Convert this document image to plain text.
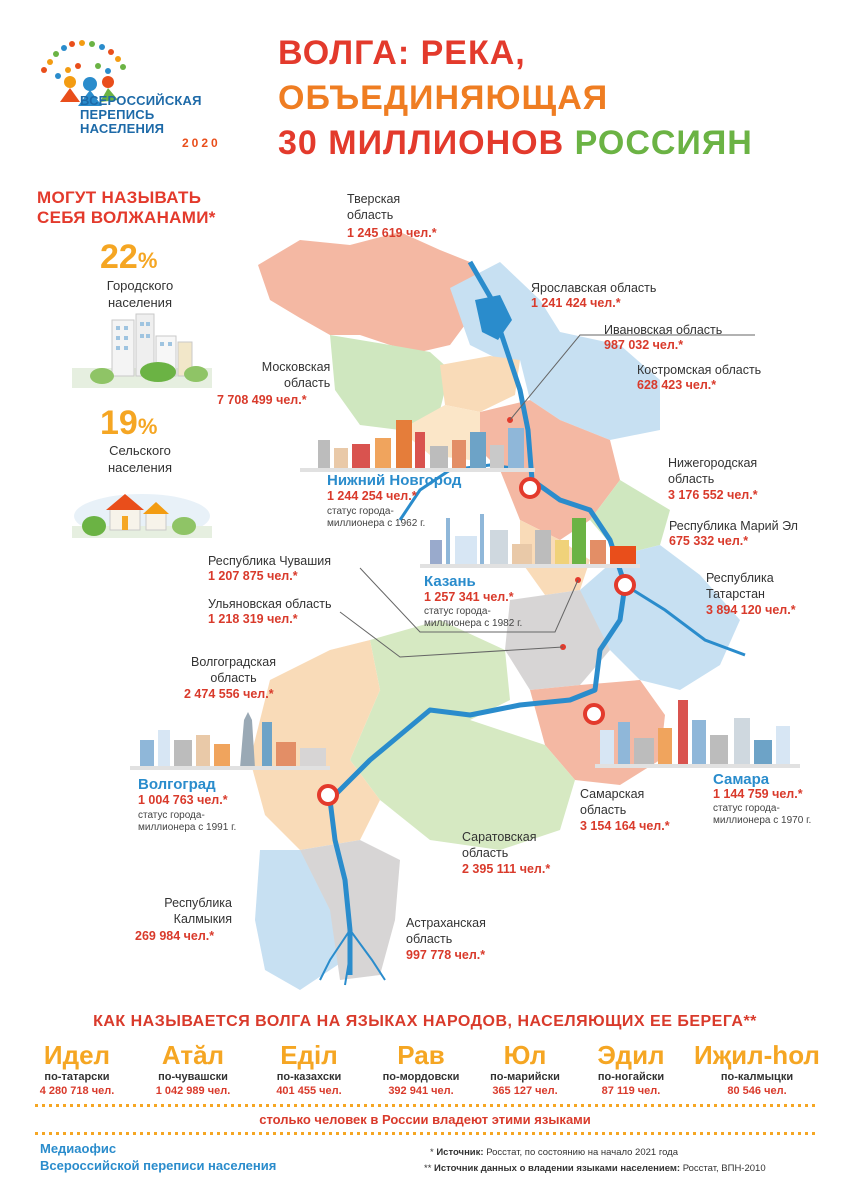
ВСЕРОССИЙСКАЯ
ПЕРЕПИСЬ
НАСЕЛЕНИЯ
2020
ВОЛГА: РЕКА,
ОБЪЕДИНЯЮЩАЯ
30 МИЛЛИОНОВ РОССИЯН
МОГУТ НАЗЫВАТЬ
СЕБЯ ВОЛЖАНАМИ*
22%
Городского
населения
19%
Сельского
населения
Тверская
область
1 245 619 чел.*
Ярославская область
1 241 424 чел.*
Ивановская область
987 032 чел.*
Костромская область
628 423 чел.*
Московская
область
7 708 499 чел.*
Нижегородская
область
3 176 552 чел.*
Республика Марий Эл
675 332 чел.*
Республика Чувашия
1 207 875 чел.*
Ульяновская область
1 218 319 чел.*
Республика
Татарстан
3 894 120 чел.*
Волгоградская
область
2 474 556 чел.*
Самарская
область
3 154 164 чел.*
Саратовская
область
2 395 111 чел.*
Республика
Калмыкия
269 984 чел.*
Астраханская
область
997 778 чел.*
Нижний Новгород
1 244 254 чел.*
статус города-
миллионера с 1962 г.
Казань
1 257 341 чел.*
статус города-
миллионера с 1982 г.
Волгоград
1 004 763 чел.*
статус города-
миллионера с 1991 г.
Самара
1 144 759 чел.*
статус города-
миллионера с 1970 г.
КАК НАЗЫВАЕТСЯ ВОЛГА НА ЯЗЫКАХ НАРОДОВ, НАСЕЛЯЮЩИХ ЕЕ БЕРЕГА**
Идел
по-татарски
4 280 718 чел.
Атӑл
по-чувашски
1 042 989 чел.
Еділ
по-казахски
401 455 чел.
Рав
по-мордовски
392 941 чел.
Юл
по-марийски
365 127 чел.
Эдил
по-ногайски
87 119 чел.
Иҗил-һол
по-калмыцки
80 546 чел.
столько человек в России владеют этими языками
Медиаофис
Всероссийской переписи населения
* Источник: Росстат, по состоянию на начало 2021 года
** Источник данных о владении языками населением: Росстат, ВПН-2010
